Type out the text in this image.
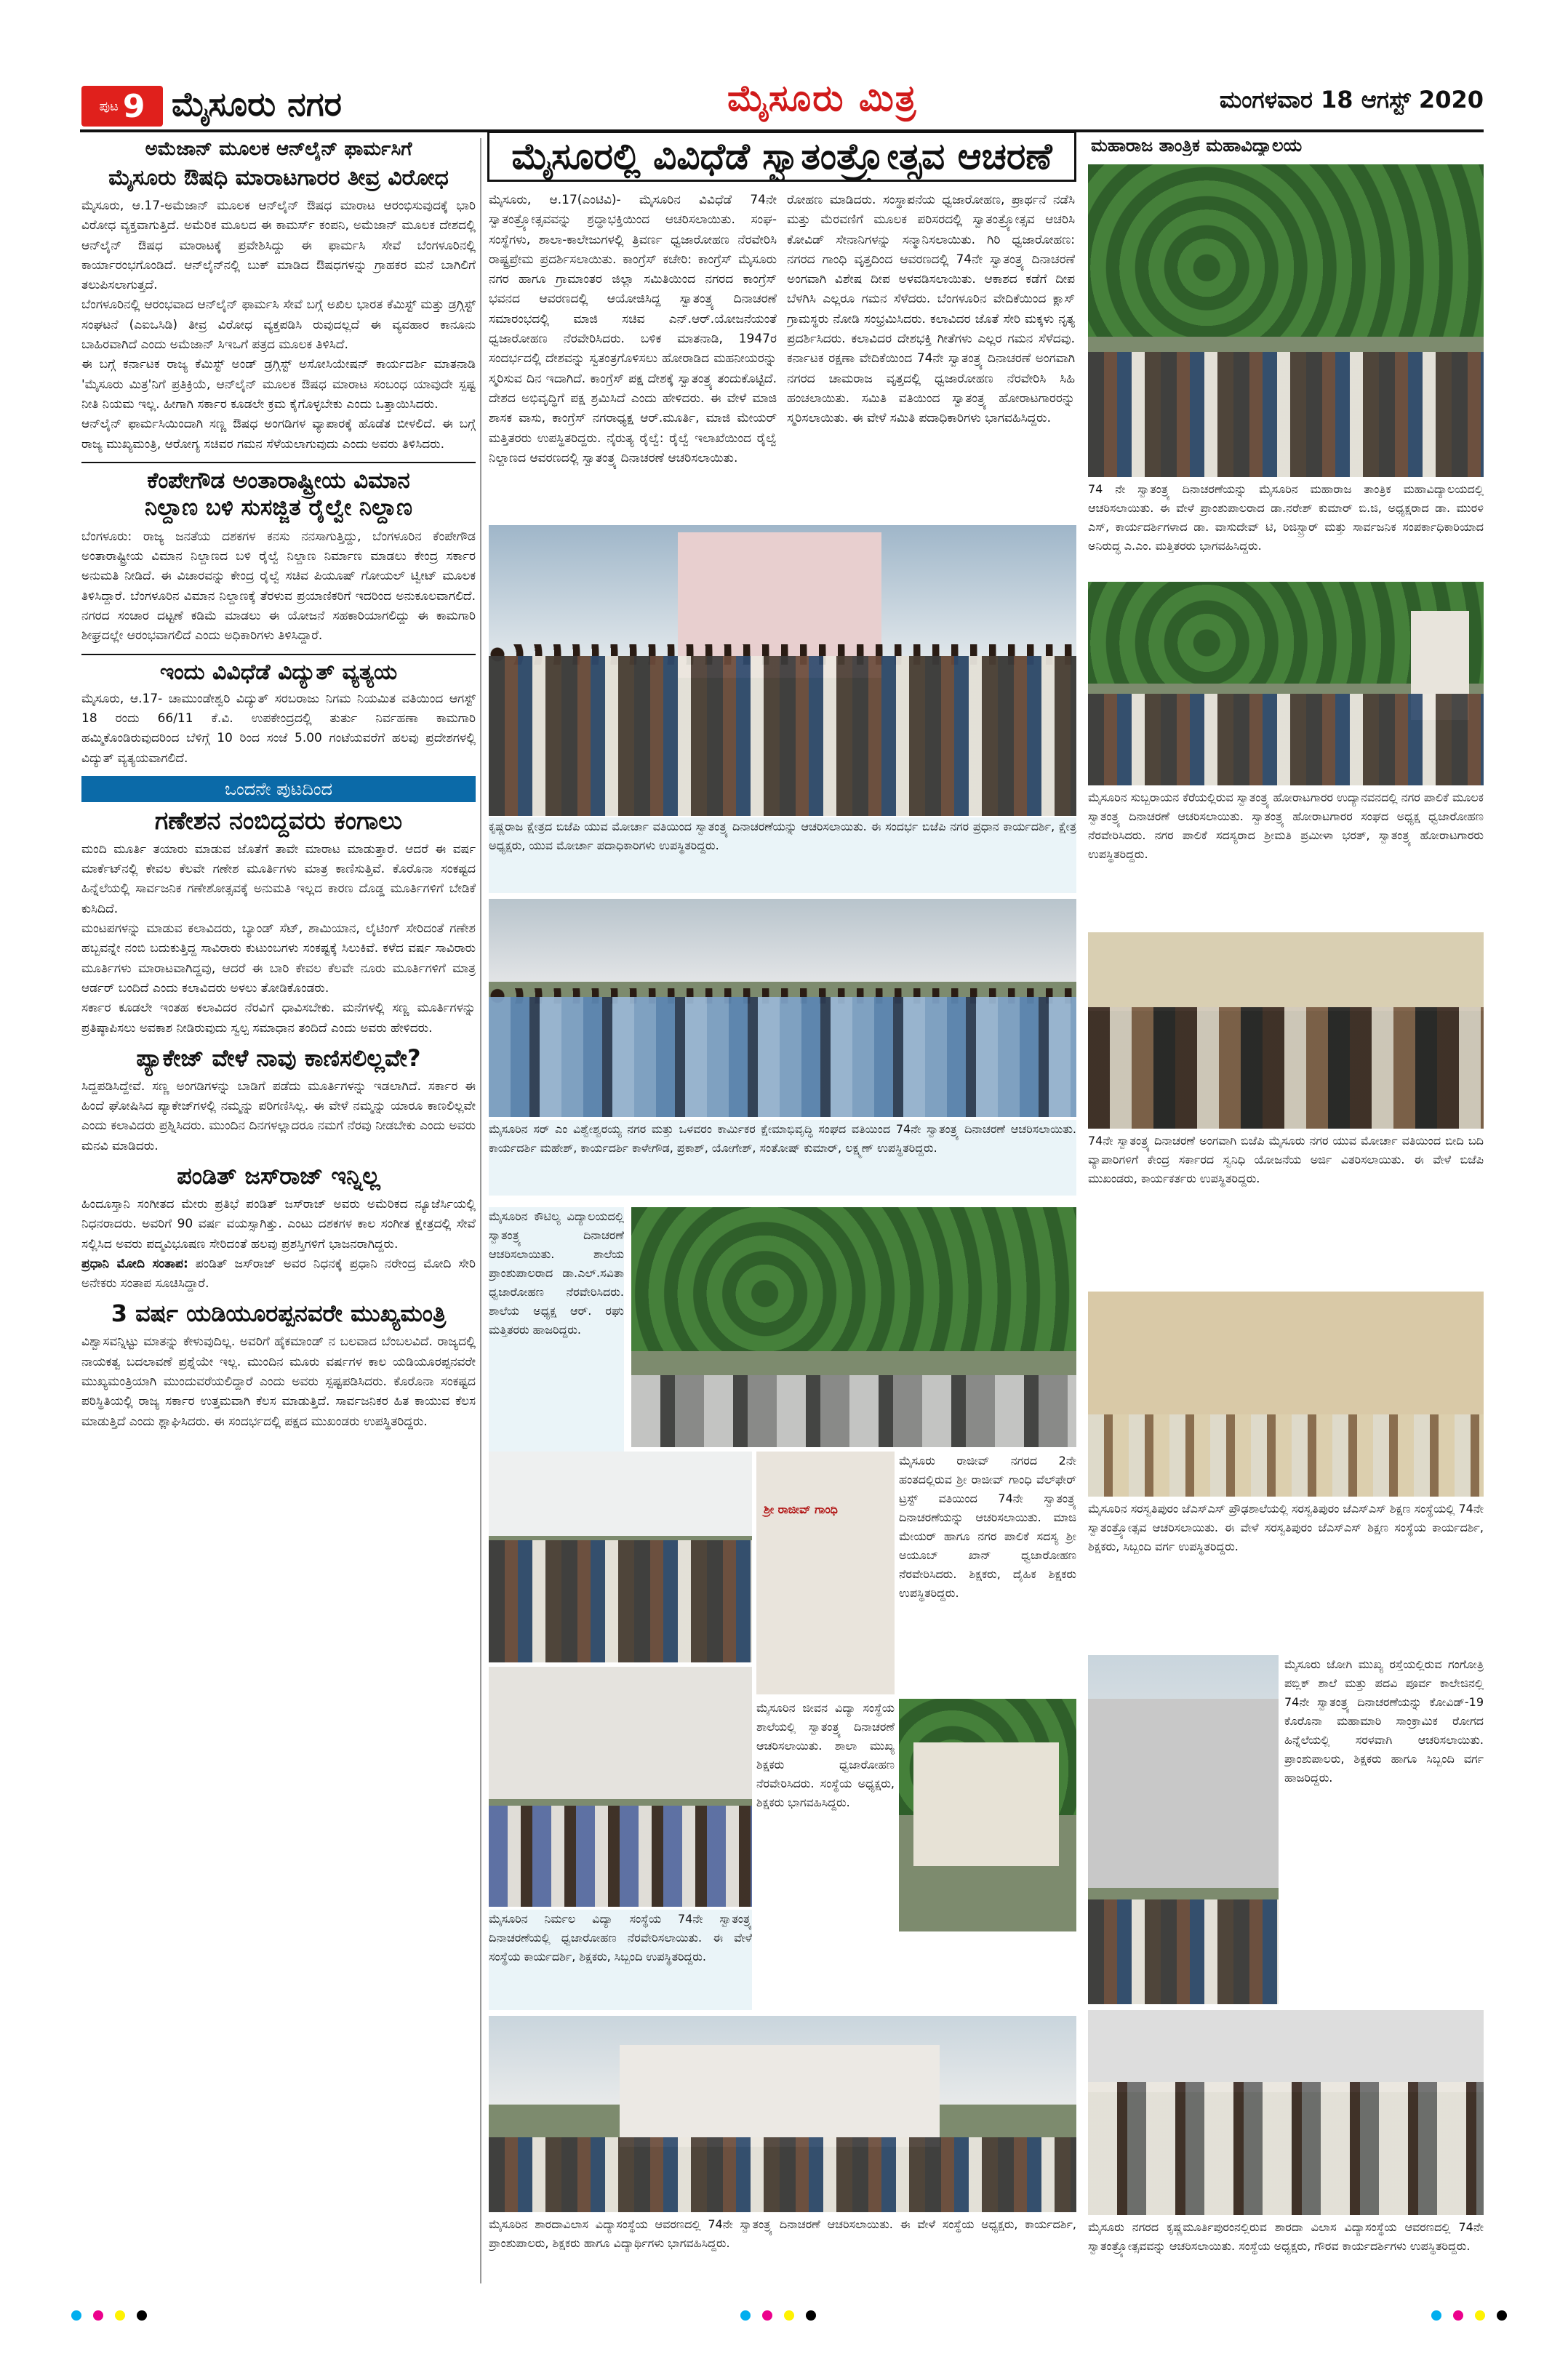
ಪುಟ 9 ಮೈಸೂರು ನಗರ	ಮೈಸೂರು ಮಿತ್ರ	ಮಂಗಳವಾರ 18 ಆಗಸ್ಟ್ 2020
ಅಮೆಜಾನ್ ಮೂಲಕ ಆನ್‍ಲೈನ್ ಫಾರ್ಮಸಿಗೆ
ಮೈಸೂರು ಔಷಧಿ ಮಾರಾಟಗಾರರ ತೀವ್ರ ವಿರೋಧ

ಮೈಸೂರು, ಆ.17-ಅಮೆಜಾನ್ ಮೂಲಕ ಆನ್‍ಲೈನ್ ಔಷಧ ಮಾರಾಟ ಆರಂಭಿಸುವುದಕ್ಕೆ ಭಾರಿ ವಿರೋಧ ವ್ಯಕ್ತವಾಗುತ್ತಿದೆ. ಅಮೆರಿಕ ಮೂಲದ ಈ ಕಾಮರ್ಸ್ ಕಂಪನಿ, ಅಮೆಜಾನ್ ಮೂಲಕ ದೇಶದಲ್ಲಿ ಆನ್‍ಲೈನ್ ಔಷಧ ಮಾರಾಟಕ್ಕೆ ಪ್ರವೇಶಿಸಿದ್ದು ಈ ಫಾರ್ಮಸಿ ಸೇವೆ ಬೆಂಗಳೂರಿನಲ್ಲಿ ಕಾರ್ಯಾರಂಭಗೊಂಡಿದೆ. ಆನ್‍ಲೈನ್‍ನಲ್ಲಿ ಬುಕ್ ಮಾಡಿದ ಔಷಧಗಳನ್ನು ಗ್ರಾಹಕರ ಮನೆ ಬಾಗಿಲಿಗೆ ತಲುಪಿಸಲಾಗುತ್ತದೆ.

ಬೆಂಗಳೂರಿನಲ್ಲಿ ಆರಂಭವಾದ ಆನ್‍ಲೈನ್ ಫಾರ್ಮಸಿ ಸೇವೆ ಬಗ್ಗೆ ಅಖಿಲ ಭಾರತ ಕೆಮಿಸ್ಟ್ ಮತ್ತು ಡ್ರಗ್ಗಿಸ್ಟ್ ಸಂಘಟನೆ (ಎಐಒಸಿಡಿ) ತೀವ್ರ ವಿರೋಧ ವ್ಯಕ್ತಪಡಿಸಿ ರುವುದಲ್ಲದೆ ಈ ವ್ಯವಹಾರ ಕಾನೂನು ಬಾಹಿರವಾಗಿದೆ ಎಂದು ಅಮೆಜಾನ್ ಸಿಇಒಗೆ ಪತ್ರದ ಮೂಲಕ ತಿಳಿಸಿದೆ.

ಈ ಬಗ್ಗೆ ಕರ್ನಾಟಕ ರಾಜ್ಯ ಕೆಮಿಸ್ಟ್ ಅಂಡ್ ಡ್ರಗ್ಗಿಸ್ಟ್ ಅಸೋಸಿಯೇಷನ್ ಕಾರ್ಯದರ್ಶಿ ಮಾತನಾಡಿ 'ಮೈಸೂರು ಮಿತ್ರ'ನಿಗೆ ಪ್ರತಿಕ್ರಿಯೆ, ಆನ್‍ಲೈನ್ ಮೂಲಕ ಔಷಧ ಮಾರಾಟ ಸಂಬಂಧ ಯಾವುದೇ ಸ್ಪಷ್ಟ ನೀತಿ ನಿಯಮ ಇಲ್ಲ. ಹೀಗಾಗಿ ಸರ್ಕಾರ ಕೂಡಲೇ ಕ್ರಮ ಕೈಗೊಳ್ಳಬೇಕು ಎಂದು ಒತ್ತಾಯಿಸಿದರು.

ಆನ್‍ಲೈನ್ ಫಾರ್ಮಸಿಯಿಂದಾಗಿ ಸಣ್ಣ ಔಷಧ ಅಂಗಡಿಗಳ ವ್ಯಾಪಾರಕ್ಕೆ ಹೊಡೆತ ಬೀಳಲಿದೆ. ಈ ಬಗ್ಗೆ ರಾಜ್ಯ ಮುಖ್ಯಮಂತ್ರಿ, ಆರೋಗ್ಯ ಸಚಿವರ ಗಮನ ಸೆಳೆಯಲಾಗುವುದು ಎಂದು ಅವರು ತಿಳಿಸಿದರು.

ಕೆಂಪೇಗೌಡ ಅಂತಾರಾಷ್ಟ್ರೀಯ ವಿಮಾನ
ನಿಲ್ದಾಣ ಬಳಿ ಸುಸಜ್ಜಿತ ರೈಲ್ವೇ ನಿಲ್ದಾಣ

ಬೆಂಗಳೂರು: ರಾಜ್ಯ ಜನತೆಯ ದಶಕಗಳ ಕನಸು ನನಸಾಗುತ್ತಿದ್ದು, ಬೆಂಗಳೂರಿನ ಕೆಂಪೇಗೌಡ ಅಂತಾರಾಷ್ಟ್ರೀಯ ವಿಮಾನ ನಿಲ್ದಾಣದ ಬಳಿ ರೈಲ್ವೆ ನಿಲ್ದಾಣ ನಿರ್ಮಾಣ ಮಾಡಲು ಕೇಂದ್ರ ಸರ್ಕಾರ ಅನುಮತಿ ನೀಡಿದೆ. ಈ ವಿಚಾರವನ್ನು ಕೇಂದ್ರ ರೈಲ್ವೆ ಸಚಿವ ಪಿಯೂಷ್ ಗೋಯಲ್ ಟ್ವೀಟ್ ಮೂಲಕ ತಿಳಿಸಿದ್ದಾರೆ. ಬೆಂಗಳೂರಿನ ವಿಮಾನ ನಿಲ್ದಾಣಕ್ಕೆ ತೆರಳುವ ಪ್ರಯಾಣಿಕರಿಗೆ ಇದರಿಂದ ಅನುಕೂಲವಾಗಲಿದೆ. ನಗರದ ಸಂಚಾರ ದಟ್ಟಣೆ ಕಡಿಮೆ ಮಾಡಲು ಈ ಯೋಜನೆ ಸಹಕಾರಿಯಾಗಲಿದ್ದು ಈ ಕಾಮಗಾರಿ ಶೀಘ್ರದಲ್ಲೇ ಆರಂಭವಾಗಲಿದೆ ಎಂದು ಅಧಿಕಾರಿಗಳು ತಿಳಿಸಿದ್ದಾರೆ.

ಇಂದು ವಿವಿಧೆಡೆ ವಿದ್ಯುತ್ ವ್ಯತ್ಯಯ

ಮೈಸೂರು, ಆ.17- ಚಾಮುಂಡೇಶ್ವರಿ ವಿದ್ಯುತ್ ಸರಬರಾಜು ನಿಗಮ ನಿಯಮಿತ ವತಿಯಿಂದ ಆಗಸ್ಟ್ 18 ರಂದು 66/11 ಕೆ.ವಿ. ಉಪಕೇಂದ್ರದಲ್ಲಿ ತುರ್ತು ನಿರ್ವಹಣಾ ಕಾಮಗಾರಿ ಹಮ್ಮಿಕೊಂಡಿರುವುದರಿಂದ ಬೆಳಿಗ್ಗೆ 10 ರಿಂದ ಸಂಜೆ 5.00 ಗಂಟೆಯವರೆಗೆ ಹಲವು ಪ್ರದೇಶಗಳಲ್ಲಿ ವಿದ್ಯುತ್ ವ್ಯತ್ಯಯವಾಗಲಿದೆ.

ಒಂದನೇ ಪುಟದಿಂದ
ಗಣೇಶನ ನಂಬಿದ್ದವರು ಕಂಗಾಲು

ಮಂದಿ ಮೂರ್ತಿ ತಯಾರು ಮಾಡುವ ಜೊತೆಗೆ ತಾವೇ ಮಾರಾಟ ಮಾಡುತ್ತಾರೆ. ಆದರೆ ಈ ವರ್ಷ ಮಾರ್ಕೆಟ್‍ನಲ್ಲಿ ಕೇವಲ ಕೆಲವೇ ಗಣೇಶ ಮೂರ್ತಿಗಳು ಮಾತ್ರ ಕಾಣಿಸುತ್ತಿವೆ. ಕೊರೊನಾ ಸಂಕಷ್ಟದ ಹಿನ್ನೆಲೆಯಲ್ಲಿ ಸಾರ್ವಜನಿಕ ಗಣೇಶೋತ್ಸವಕ್ಕೆ ಅನುಮತಿ ಇಲ್ಲದ ಕಾರಣ ದೊಡ್ಡ ಮೂರ್ತಿಗಳಿಗೆ ಬೇಡಿಕೆ ಕುಸಿದಿದೆ.

ಮಂಟಪಗಳನ್ನು ಮಾಡುವ ಕಲಾವಿದರು, ಬ್ಯಾಂಡ್ ಸೆಟ್, ಶಾಮಿಯಾನ, ಲೈಟಿಂಗ್ ಸೇರಿದಂತೆ ಗಣೇಶ ಹಬ್ಬವನ್ನೇ ನಂಬಿ ಬದುಕುತ್ತಿದ್ದ ಸಾವಿರಾರು ಕುಟುಂಬಗಳು ಸಂಕಷ್ಟಕ್ಕೆ ಸಿಲುಕಿವೆ. ಕಳೆದ ವರ್ಷ ಸಾವಿರಾರು ಮೂರ್ತಿಗಳು ಮಾರಾಟವಾಗಿದ್ದವು, ಆದರೆ ಈ ಬಾರಿ ಕೇವಲ ಕೆಲವೇ ನೂರು ಮೂರ್ತಿಗಳಿಗೆ ಮಾತ್ರ ಆರ್ಡರ್ ಬಂದಿದೆ ಎಂದು ಕಲಾವಿದರು ಅಳಲು ತೋಡಿಕೊಂಡರು.

ಸರ್ಕಾರ ಕೂಡಲೇ ಇಂತಹ ಕಲಾವಿದರ ನೆರವಿಗೆ ಧಾವಿಸಬೇಕು. ಮನೆಗಳಲ್ಲಿ ಸಣ್ಣ ಮೂರ್ತಿಗಳನ್ನು ಪ್ರತಿಷ್ಠಾಪಿಸಲು ಅವಕಾಶ ನೀಡಿರುವುದು ಸ್ವಲ್ಪ ಸಮಾಧಾನ ತಂದಿದೆ ಎಂದು ಅವರು ಹೇಳಿದರು.

ಪ್ಯಾಕೇಜ್ ವೇಳೆ ನಾವು ಕಾಣಿಸಲಿಲ್ಲವೇ?

ಸಿದ್ದಪಡಿಸಿದ್ದೇವೆ. ಸಣ್ಣ ಅಂಗಡಿಗಳನ್ನು ಬಾಡಿಗೆ ಪಡೆದು ಮೂರ್ತಿಗಳನ್ನು ಇಡಲಾಗಿದೆ. ಸರ್ಕಾರ ಈ ಹಿಂದೆ ಘೋಷಿಸಿದ ಪ್ಯಾಕೇಜ್‍ಗಳಲ್ಲಿ ನಮ್ಮನ್ನು ಪರಿಗಣಿಸಿಲ್ಲ. ಈ ವೇಳೆ ನಮ್ಮನ್ನು ಯಾರೂ ಕಾಣಲಿಲ್ಲವೇ ಎಂದು ಕಲಾವಿದರು ಪ್ರಶ್ನಿಸಿದರು. ಮುಂದಿನ ದಿನಗಳಲ್ಲಾದರೂ ನಮಗೆ ನೆರವು ನೀಡಬೇಕು ಎಂದು ಅವರು ಮನವಿ ಮಾಡಿದರು.

ಪಂಡಿತ್ ಜಸ್‍ರಾಜ್ ಇನ್ನಿಲ್ಲ

ಹಿಂದೂಸ್ತಾನಿ ಸಂಗೀತದ ಮೇರು ಪ್ರತಿಭೆ ಪಂಡಿತ್ ಜಸ್‍ರಾಜ್ ಅವರು ಅಮೆರಿಕದ ನ್ಯೂಜೆರ್ಸಿಯಲ್ಲಿ ನಿಧನರಾದರು. ಅವರಿಗೆ 90 ವರ್ಷ ವಯಸ್ಸಾಗಿತ್ತು. ಎಂಟು ದಶಕಗಳ ಕಾಲ ಸಂಗೀತ ಕ್ಷೇತ್ರದಲ್ಲಿ ಸೇವೆ ಸಲ್ಲಿಸಿದ ಅವರು ಪದ್ಮವಿಭೂಷಣ ಸೇರಿದಂತೆ ಹಲವು ಪ್ರಶಸ್ತಿಗಳಿಗೆ ಭಾಜನರಾಗಿದ್ದರು.

ಪ್ರಧಾನಿ ಮೋದಿ ಸಂತಾಪ: ಪಂಡಿತ್ ಜಸ್‍ರಾಜ್ ಅವರ ನಿಧನಕ್ಕೆ ಪ್ರಧಾನಿ ನರೇಂದ್ರ ಮೋದಿ ಸೇರಿ ಅನೇಕರು ಸಂತಾಪ ಸೂಚಿಸಿದ್ದಾರೆ.

3 ವರ್ಷ ಯಡಿಯೂರಪ್ಪನವರೇ ಮುಖ್ಯಮಂತ್ರಿ

ವಿಶ್ವಾಸವನ್ನಿಟ್ಟು ಮಾತನ್ನು ಕೇಳುವುದಿಲ್ಲ. ಅವರಿಗೆ ಹೈಕಮಾಂಡ್ ನ ಬಲವಾದ ಬೆಂಬಲವಿದೆ. ರಾಜ್ಯದಲ್ಲಿ ನಾಯಕತ್ವ ಬದಲಾವಣೆ ಪ್ರಶ್ನೆಯೇ ಇಲ್ಲ. ಮುಂದಿನ ಮೂರು ವರ್ಷಗಳ ಕಾಲ ಯಡಿಯೂರಪ್ಪನವರೇ ಮುಖ್ಯಮಂತ್ರಿಯಾಗಿ ಮುಂದುವರೆಯಲಿದ್ದಾರೆ ಎಂದು ಅವರು ಸ್ಪಷ್ಟಪಡಿಸಿದರು. ಕೊರೊನಾ ಸಂಕಷ್ಟದ ಪರಿಸ್ಥಿತಿಯಲ್ಲಿ ರಾಜ್ಯ ಸರ್ಕಾರ ಉತ್ತಮವಾಗಿ ಕೆಲಸ ಮಾಡುತ್ತಿದೆ. ಸಾರ್ವಜನಿಕರ ಹಿತ ಕಾಯುವ ಕೆಲಸ ಮಾಡುತ್ತಿದೆ ಎಂದು ಶ್ಲಾಘಿಸಿದರು. ಈ ಸಂದರ್ಭದಲ್ಲಿ ಪಕ್ಷದ ಮುಖಂಡರು ಉಪಸ್ಥಿತರಿದ್ದರು.

ಮೈಸೂರಲ್ಲಿ ವಿವಿಧೆಡೆ ಸ್ವಾತಂತ್ರ್ಯೋತ್ಸವ ಆಚರಣೆ	ಮಹಾರಾಜ ತಾಂತ್ರಿಕ ಮಹಾವಿದ್ಯಾಲಯ

ಮೈಸೂರು, ಆ.17(ಎಂಟಿವಿ)- ಮೈಸೂರಿನ ವಿವಿಧೆಡೆ 74ನೇ ಸ್ವಾತಂತ್ರ್ಯೋತ್ಸವವನ್ನು ಶ್ರದ್ಧಾಭಕ್ತಿಯಿಂದ ಆಚರಿಸಲಾಯಿತು. ಸಂಘ-ಸಂಸ್ಥೆಗಳು, ಶಾಲಾ-ಕಾಲೇಜುಗಳಲ್ಲಿ ತ್ರಿವರ್ಣ ಧ್ವಜಾರೋಹಣ ನೆರವೇರಿಸಿ ರಾಷ್ಟ್ರಪ್ರೇಮ ಪ್ರದರ್ಶಿಸಲಾಯಿತು. ಕಾಂಗ್ರೆಸ್ ಕಚೇರಿ: ಕಾಂಗ್ರೆಸ್ ಮೈಸೂರು ನಗರ ಹಾಗೂ ಗ್ರಾಮಾಂತರ ಜಿಲ್ಲಾ ಸಮಿತಿಯಿಂದ ನಗರದ ಕಾಂಗ್ರೆಸ್ ಭವನದ ಆವರಣದಲ್ಲಿ ಆಯೋಜಿಸಿದ್ದ ಸ್ವಾತಂತ್ರ್ಯ ದಿನಾಚರಣೆ ಸಮಾರಂಭದಲ್ಲಿ ಮಾಜಿ ಸಚಿವ ಎನ್.ಆರ್.ಯೋಜನೆಯಂತೆ ಧ್ವಜಾರೋಹಣ ನೆರವೇರಿಸಿದರು. ಬಳಿಕ ಮಾತನಾಡಿ, 1947ರ ಸಂದರ್ಭದಲ್ಲಿ ದೇಶವನ್ನು ಸ್ವತಂತ್ರಗೊಳಿಸಲು ಹೋರಾಡಿದ ಮಹನೀಯರನ್ನು ಸ್ಮರಿಸುವ ದಿನ ಇದಾಗಿದೆ. ಕಾಂಗ್ರೆಸ್ ಪಕ್ಷ ದೇಶಕ್ಕೆ ಸ್ವಾತಂತ್ರ್ಯ ತಂದುಕೊಟ್ಟಿದೆ. ದೇಶದ ಅಭಿವೃದ್ಧಿಗೆ ಪಕ್ಷ ಶ್ರಮಿಸಿದೆ ಎಂದು ಹೇಳಿದರು. ಈ ವೇಳೆ ಮಾಜಿ ಶಾಸಕ ವಾಸು, ಕಾಂಗ್ರೆಸ್ ನಗರಾಧ್ಯಕ್ಷ ಆರ್.ಮೂರ್ತಿ, ಮಾಜಿ ಮೇಯರ್ ಮತ್ತಿತರರು ಉಪಸ್ಥಿತರಿದ್ದರು. ನೈರುತ್ಯ ರೈಲ್ವೆ: ರೈಲ್ವೆ ಇಲಾಖೆಯಿಂದ ರೈಲ್ವೆ ನಿಲ್ದಾಣದ ಆವರಣದಲ್ಲಿ ಸ್ವಾತಂತ್ರ್ಯ ದಿನಾಚರಣೆ ಆಚರಿಸಲಾಯಿತು.

ರೋಹಣ ಮಾಡಿದರು. ಸಂಸ್ಥಾಪನೆಯ ಧ್ವಜಾರೋಹಣ, ಪ್ರಾರ್ಥನೆ ನಡೆಸಿ ಮತ್ತು ಮೆರವಣಿಗೆ ಮೂಲಕ ಪರಿಸರದಲ್ಲಿ ಸ್ವಾತಂತ್ರ್ಯೋತ್ಸವ ಆಚರಿಸಿ ಕೋವಿಡ್ ಸೇನಾನಿಗಳನ್ನು ಸನ್ಮಾನಿಸಲಾಯಿತು. ಗಿರಿ ಧ್ವಜಾರೋಹಣ: ನಗರದ ಗಾಂಧಿ ವೃತ್ತದಿಂದ ಆವರಣದಲ್ಲಿ 74ನೇ ಸ್ವಾತಂತ್ರ್ಯ ದಿನಾಚರಣೆ ಅಂಗವಾಗಿ ವಿಶೇಷ ದೀಪ ಅಳವಡಿಸಲಾಯಿತು. ಆಕಾಶದ ಕಡೆಗೆ ದೀಪ ಬೆಳಗಿಸಿ ಎಲ್ಲರೂ ಗಮನ ಸೆಳೆದರು. ಬೆಂಗಳೂರಿನ ವೇದಿಕೆಯಿಂದ ಕ್ಲಾಸ್ ಗ್ರಾಮಸ್ಥರು ನೋಡಿ ಸಂಭ್ರಮಿಸಿದರು. ಕಲಾವಿದರ ಜೊತೆ ಸೇರಿ ಮಕ್ಕಳು ನೃತ್ಯ ಪ್ರದರ್ಶಿಸಿದರು. ಕಲಾವಿದರ ದೇಶಭಕ್ತಿ ಗೀತೆಗಳು ಎಲ್ಲರ ಗಮನ ಸೆಳೆದವು. ಕರ್ನಾಟಕ ರಕ್ಷಣಾ ವೇದಿಕೆಯಿಂದ 74ನೇ ಸ್ವಾತಂತ್ರ್ಯ ದಿನಾಚರಣೆ ಅಂಗವಾಗಿ ನಗರದ ಚಾಮರಾಜ ವೃತ್ತದಲ್ಲಿ ಧ್ವಜಾರೋಹಣ ನೆರವೇರಿಸಿ ಸಿಹಿ ಹಂಚಲಾಯಿತು. ಸಮಿತಿ ವತಿಯಿಂದ ಸ್ವಾತಂತ್ರ್ಯ ಹೋರಾಟಗಾರರನ್ನು ಸ್ಮರಿಸಲಾಯಿತು. ಈ ವೇಳೆ ಸಮಿತಿ ಪದಾಧಿಕಾರಿಗಳು ಭಾಗವಹಿಸಿದ್ದರು.

ಕೃಷ್ಣರಾಜ ಕ್ಷೇತ್ರದ ಬಿಜೆಪಿ ಯುವ ಮೋರ್ಚಾ ವತಿಯಿಂದ ಸ್ವಾತಂತ್ರ್ಯ ದಿನಾಚರಣೆಯನ್ನು ಆಚರಿಸಲಾಯಿತು. ಈ ಸಂದರ್ಭ ಬಿಜೆಪಿ ನಗರ ಪ್ರಧಾನ ಕಾರ್ಯದರ್ಶಿ, ಕ್ಷೇತ್ರ ಅಧ್ಯಕ್ಷರು, ಯುವ ಮೋರ್ಚಾ ಪದಾಧಿಕಾರಿಗಳು ಉಪಸ್ಥಿತರಿದ್ದರು.
ಮೈಸೂರಿನ ಸರ್ ಎಂ ವಿಶ್ವೇಶ್ವರಯ್ಯ ನಗರ ಮತ್ತು ಒಳವರಂ ಕಾರ್ಮಿಕರ ಕ್ಷೇಮಾಭಿವೃದ್ಧಿ ಸಂಘದ ವತಿಯಿಂದ 74ನೇ ಸ್ವಾತಂತ್ರ್ಯ ದಿನಾಚರಣೆ ಆಚರಿಸಲಾಯಿತು. ಕಾರ್ಯದರ್ಶಿ ಮಹೇಶ್, ಕಾರ್ಯದರ್ಶಿ ಕಾಳೇಗೌಡ, ಪ್ರಕಾಶ್, ಯೋಗೇಶ್, ಸಂತೋಷ್ ಕುಮಾರ್, ಲಕ್ಷ್ಮಣ್ ಉಪಸ್ಥಿತರಿದ್ದರು.
74 ನೇ ಸ್ವಾತಂತ್ರ್ಯ ದಿನಾಚರಣೆಯನ್ನು ಮೈಸೂರಿನ ಮಹಾರಾಜ ತಾಂತ್ರಿಕ ಮಹಾವಿದ್ಯಾಲಯದಲ್ಲಿ ಆಚರಿಸಲಾಯಿತು. ಈ ವೇಳೆ ಪ್ರಾಂಶುಪಾಲರಾದ ಡಾ.ನರೇಶ್ ಕುಮಾರ್ ಬಿ.ಜಿ, ಅಧ್ಯಕ್ಷರಾದ ಡಾ. ಮುರಳಿ ಎಸ್, ಕಾರ್ಯದರ್ಶಿಗಳಾದ ಡಾ. ವಾಸುದೇವ್ ಟಿ, ರಿಜಿಸ್ಟ್ರಾರ್ ಮತ್ತು ಸಾರ್ವಜನಿಕ ಸಂಪರ್ಕಾಧಿಕಾರಿಯಾದ ಅನಿರುದ್ಧ ಎ.ಎಂ. ಮತ್ತಿತರರು ಭಾಗವಹಿಸಿದ್ದರು.
ಮೈಸೂರಿನ ಸುಬ್ಬರಾಯನ ಕೆರೆಯಲ್ಲಿರುವ ಸ್ವಾತಂತ್ರ್ಯ ಹೋರಾಟಗಾರರ ಉದ್ಯಾನವನದಲ್ಲಿ ನಗರ ಪಾಲಿಕೆ ಮೂಲಕ ಸ್ವಾತಂತ್ರ್ಯ ದಿನಾಚರಣೆ ಆಚರಿಸಲಾಯಿತು. ಸ್ವಾತಂತ್ರ್ಯ ಹೋರಾಟಗಾರರ ಸಂಘದ ಅಧ್ಯಕ್ಷ ಧ್ವಜಾರೋಹಣ ನೆರವೇರಿಸಿದರು. ನಗರ ಪಾಲಿಕೆ ಸದಸ್ಯರಾದ ಶ್ರೀಮತಿ ಪ್ರಮೀಳಾ ಭರತ್, ಸ್ವಾತಂತ್ರ್ಯ ಹೋರಾಟಗಾರರು ಉಪಸ್ಥಿತರಿದ್ದರು.
74ನೇ ಸ್ವಾತಂತ್ರ್ಯ ದಿನಾಚರಣೆ ಅಂಗವಾಗಿ ಬಿಜೆಪಿ ಮೈಸೂರು ನಗರ ಯುವ ಮೋರ್ಚಾ ವತಿಯಿಂದ ಬೀದಿ ಬದಿ ವ್ಯಾಪಾರಿಗಳಿಗೆ ಕೇಂದ್ರ ಸರ್ಕಾರದ ಸ್ವನಿಧಿ ಯೋಜನೆಯ ಅರ್ಜಿ ವಿತರಿಸಲಾಯಿತು. ಈ ವೇಳೆ ಬಿಜೆಪಿ ಮುಖಂಡರು, ಕಾರ್ಯಕರ್ತರು ಉಪಸ್ಥಿತರಿದ್ದರು.
ಮೈಸೂರಿನ ಕೌಟಿಲ್ಯ ವಿದ್ಯಾಲಯದಲ್ಲಿ ಸ್ವಾತಂತ್ರ್ಯ ದಿನಾಚರಣೆ ಆಚರಿಸಲಾಯಿತು. ಶಾಲೆಯ ಪ್ರಾಂಶುಪಾಲರಾದ ಡಾ.ಎಲ್.ಸವಿತಾ ಧ್ವಜಾರೋಹಣ ನೆರವೇರಿಸಿದರು. ಶಾಲೆಯ ಅಧ್ಯಕ್ಷ ಆರ್. ರಘು ಮತ್ತಿತರರು ಹಾಜರಿದ್ದರು.
ಮೈಸೂರು ರಾಜೀವ್ ನಗರದ 2ನೇ ಹಂತದಲ್ಲಿರುವ ಶ್ರೀ ರಾಜೀವ್ ಗಾಂಧಿ ವೆಲ್‍ಫೇರ್ ಟ್ರಸ್ಟ್ ವತಿಯಿಂದ 74ನೇ ಸ್ವಾತಂತ್ರ್ಯ ದಿನಾಚರಣೆಯನ್ನು ಆಚರಿಸಲಾಯಿತು. ಮಾಜಿ ಮೇಯರ್ ಹಾಗೂ ನಗರ ಪಾಲಿಕೆ ಸದಸ್ಯ ಶ್ರೀ ಅಯೂಬ್ ಖಾನ್ ಧ್ವಜಾರೋಹಣ ನೆರವೇರಿಸಿದರು. ಶಿಕ್ಷಕರು, ದೈಹಿಕ ಶಿಕ್ಷಕರು ಉಪಸ್ಥಿತರಿದ್ದರು.
ಶ್ರೀ ರಾಜೀವ್ ಗಾಂಧಿ
ಮೈಸೂರಿನ ಜೀವನ ವಿದ್ಯಾ ಸಂಸ್ಥೆಯ ಶಾಲೆಯಲ್ಲಿ ಸ್ವಾತಂತ್ರ್ಯ ದಿನಾಚರಣೆ ಆಚರಿಸಲಾಯಿತು. ಶಾಲಾ ಮುಖ್ಯ ಶಿಕ್ಷಕರು ಧ್ವಜಾರೋಹಣ ನೆರವೇರಿಸಿದರು. ಸಂಸ್ಥೆಯ ಅಧ್ಯಕ್ಷರು, ಶಿಕ್ಷಕರು ಭಾಗವಹಿಸಿದ್ದರು.
ಮೈಸೂರಿನ ನಿರ್ಮಲ ವಿದ್ಯಾ ಸಂಸ್ಥೆಯ 74ನೇ ಸ್ವಾತಂತ್ರ್ಯ ದಿನಾಚರಣೆಯಲ್ಲಿ ಧ್ವಜಾರೋಹಣ ನೆರವೇರಿಸಲಾಯಿತು. ಈ ವೇಳೆ ಸಂಸ್ಥೆಯ ಕಾರ್ಯದರ್ಶಿ, ಶಿಕ್ಷಕರು, ಸಿಬ್ಬಂದಿ ಉಪಸ್ಥಿತರಿದ್ದರು.
ಮೈಸೂರಿನ ಸರಸ್ವತಿಪುರಂ ಜೆಎಸ್‍ಎಸ್ ಪ್ರೌಢಶಾಲೆಯಲ್ಲಿ ಸರಸ್ವತಿಪುರಂ ಜೆಎಸ್‍ಎಸ್ ಶಿಕ್ಷಣ ಸಂಸ್ಥೆಯಲ್ಲಿ 74ನೇ ಸ್ವಾತಂತ್ರ್ಯೋತ್ಸವ ಆಚರಿಸಲಾಯಿತು. ಈ ವೇಳೆ ಸರಸ್ವತಿಪುರಂ ಜೆಎಸ್‍ಎಸ್ ಶಿಕ್ಷಣ ಸಂಸ್ಥೆಯ ಕಾರ್ಯದರ್ಶಿ, ಶಿಕ್ಷಕರು, ಸಿಬ್ಬಂದಿ ವರ್ಗ ಉಪಸ್ಥಿತರಿದ್ದರು.
ಮೈಸೂರು ಜೋಗಿ ಮುಖ್ಯ ರಸ್ತೆಯಲ್ಲಿರುವ ಗಂಗೋತ್ರಿ ಪಬ್ಲಿಕ್ ಶಾಲೆ ಮತ್ತು ಪದವಿ ಪೂರ್ವ ಕಾಲೇಜಿನಲ್ಲಿ 74ನೇ ಸ್ವಾತಂತ್ರ್ಯ ದಿನಾಚರಣೆಯನ್ನು ಕೋವಿಡ್-19 ಕೊರೊನಾ ಮಹಾಮಾರಿ ಸಾಂಕ್ರಾಮಿಕ ರೋಗದ ಹಿನ್ನೆಲೆಯಲ್ಲಿ ಸರಳವಾಗಿ ಆಚರಿಸಲಾಯಿತು. ಪ್ರಾಂಶುಪಾಲರು, ಶಿಕ್ಷಕರು ಹಾಗೂ ಸಿಬ್ಬಂದಿ ವರ್ಗ ಹಾಜರಿದ್ದರು.
ಮೈಸೂರಿನ ಶಾರದಾವಿಲಾಸ ವಿದ್ಯಾಸಂಸ್ಥೆಯ ಆವರಣದಲ್ಲಿ 74ನೇ ಸ್ವಾತಂತ್ರ್ಯ ದಿನಾಚರಣೆ ಆಚರಿಸಲಾಯಿತು. ಈ ವೇಳೆ ಸಂಸ್ಥೆಯ ಅಧ್ಯಕ್ಷರು, ಕಾರ್ಯದರ್ಶಿ, ಪ್ರಾಂಶುಪಾಲರು, ಶಿಕ್ಷಕರು ಹಾಗೂ ವಿದ್ಯಾರ್ಥಿಗಳು ಭಾಗವಹಿಸಿದ್ದರು.
ಮೈಸೂರು ನಗರದ ಕೃಷ್ಣಮೂರ್ತಿಪುರಂನಲ್ಲಿರುವ ಶಾರದಾ ವಿಲಾಸ ವಿದ್ಯಾಸಂಸ್ಥೆಯ ಆವರಣದಲ್ಲಿ 74ನೇ ಸ್ವಾತಂತ್ರ್ಯೋತ್ಸವವನ್ನು ಆಚರಿಸಲಾಯಿತು. ಸಂಸ್ಥೆಯ ಅಧ್ಯಕ್ಷರು, ಗೌರವ ಕಾರ್ಯದರ್ಶಿಗಳು ಉಪಸ್ಥಿತರಿದ್ದರು.
